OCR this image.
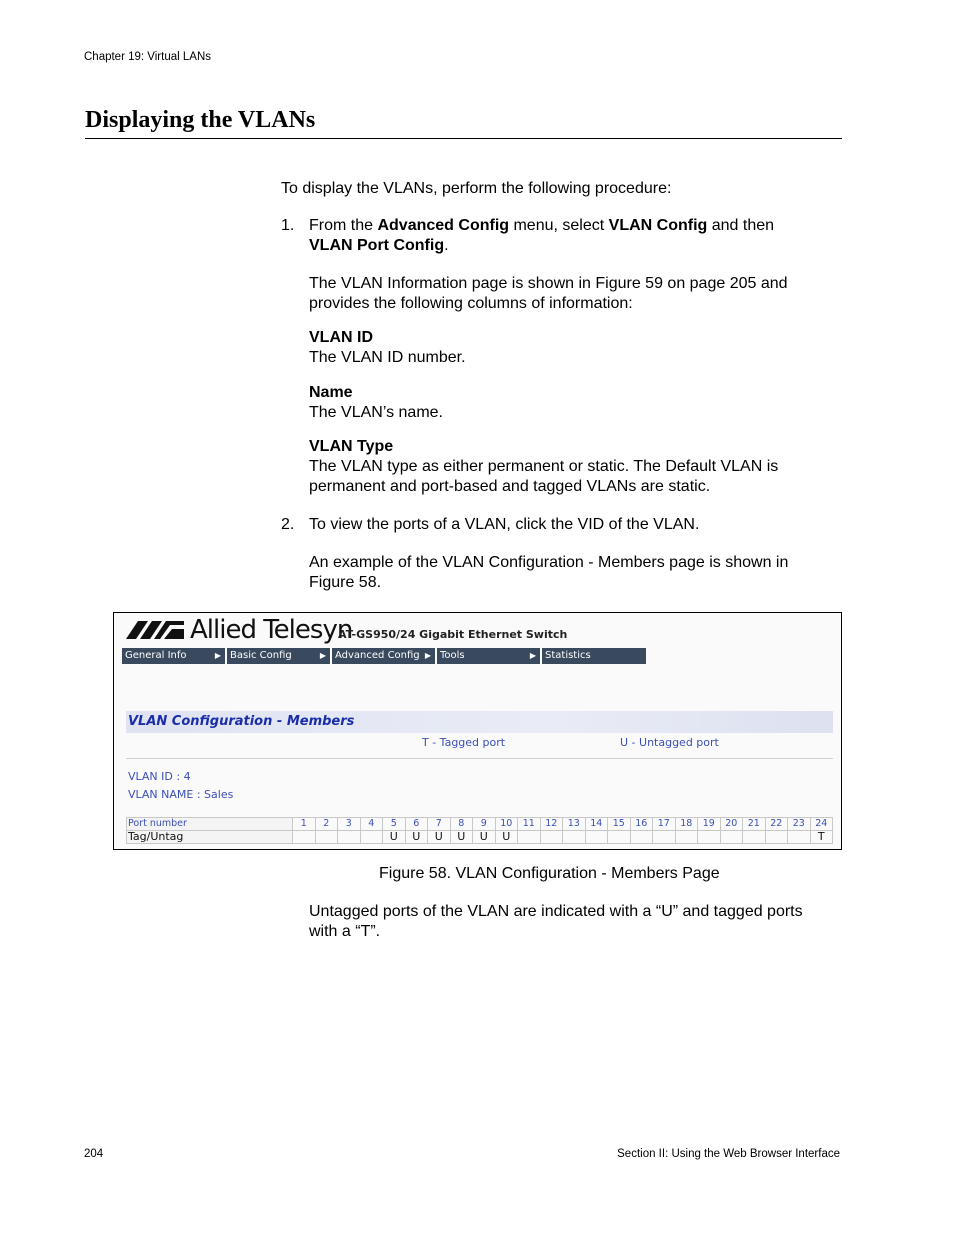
Chapter 19: Virtual LANs
Displaying the VLANs
To display the VLANs, perform the following procedure:
1. From the Advanced Config menu, select VLAN Config and then
VLAN Port Config.
The VLAN Information page is shown in Figure 59 on page 205 and
provides the following columns of information:
VLAN ID
The VLAN ID number.
Name
The VLAN’s name.
VLAN Type
The VLAN type as either permanent or static. The Default VLAN is
permanent and port-based and tagged VLANs are static.
2. To view the ports of a VLAN, click the VID of the VLAN.
An example of the VLAN Configuration - Members page is shown in
Figure 58.
Allied Telesyn
AT-GS950/24 Gigabit Ethernet Switch
General Info	▶ Basic Config	▶ Advanced Config ▶ Tools	▶ Statistics
VLAN Configuration - Members
T - Tagged port	U - Untagged port
VLAN ID : 4
VLAN NAME : Sales
Port number	1	2	3	4	5	6	7	8	9	10	11	12	13	14	15	16	17	18	19	20	21	22	23	24
Tag/Untag					U	U	U	U	U	U														T
Figure 58. VLAN Configuration - Members Page
Untagged ports of the VLAN are indicated with a “U” and tagged ports
with a “T”.
204	Section II: Using the Web Browser Interface
